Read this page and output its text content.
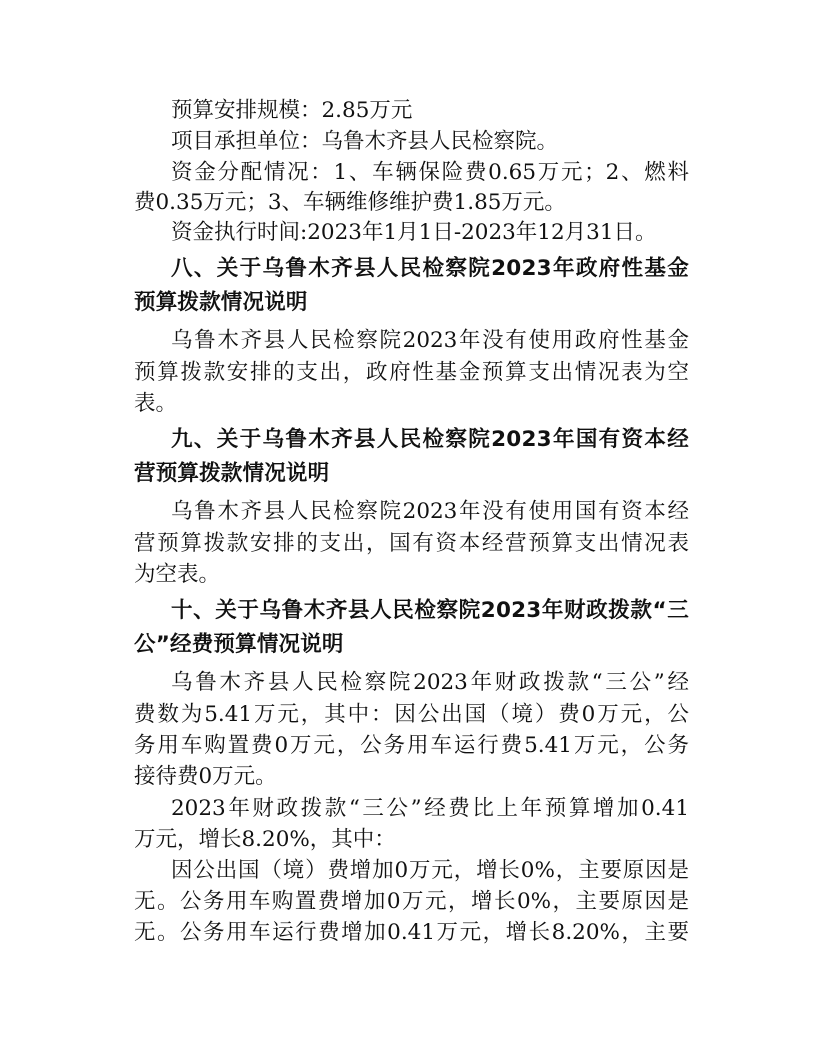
预算安排规模：2.85万元
项目承担单位：乌鲁木齐县人民检察院。
资金分配情况：1、车辆保险费0.65万元；2、燃料
费0.35万元；3、车辆维修维护费1.85万元。
资金执行时间:2023年1月1日-2023年12月31日。
八、关于乌鲁木齐县人民检察院2023年政府性基金
预算拨款情况说明
乌鲁木齐县人民检察院2023年没有使用政府性基金
预算拨款安排的支出，政府性基金预算支出情况表为空
表。
九、关于乌鲁木齐县人民检察院2023年国有资本经
营预算拨款情况说明
乌鲁木齐县人民检察院2023年没有使用国有资本经
营预算拨款安排的支出，国有资本经营预算支出情况表
为空表。
十、关于乌鲁木齐县人民检察院2023年财政拨款“三
公”经费预算情况说明
乌鲁木齐县人民检察院2023年财政拨款“三公”经
费数为5.41万元，其中：因公出国（境）费0万元，公
务用车购置费0万元，公务用车运行费5.41万元，公务
接待费0万元。
2023年财政拨款“三公”经费比上年预算增加0.41
万元，增长8.20%，其中：
因公出国（境）费增加0万元，增长0%，主要原因是
无。公务用车购置费增加0万元，增长0%，主要原因是
无。公务用车运行费增加0.41万元，增长8.20%，主要
